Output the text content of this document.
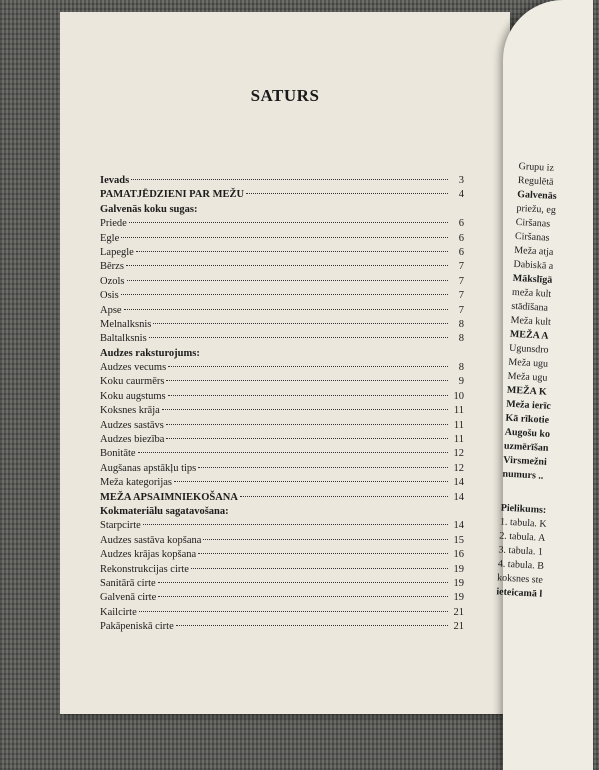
SATURS
Ievads	3
PAMATJĒDZIENI PAR MEŽU	4
Galvenās koku sugas:
Priede	6
Egle	6
Lapegle	6
Bērzs	7
Ozols	7
Osis	7
Apse	7
Melnalksnis	8
Baltalksnis	8
Audzes raksturojums:
Audzes vecums	8
Koku caurmērs	9
Koku augstums	10
Koksnes krāja	11
Audzes sastāvs	11
Audzes biezība	11
Bonitāte	12
Augšanas apstākļu tips	12
Meža kategorijas	14
MEŽA APSAIMNIEKOŠANA	14
Kokmateriālu sagatavošana:
Starpcirte	14
Audzes sastāva kopšana	15
Audzes krājas kopšana	16
Rekonstrukcijas cirte	19
Sanitārā cirte	19
Galvenā cirte	19
Kailcirte	21
Pakāpeniskā cirte	21
Grupu iz
Regulētā
Galvenās
priežu, eg
Ciršanas
Ciršanas
Meža atja
Dabiskā a
Mākslīgā
meža kult
stādīšana
Meža kult
MEŽA A
Ugunsdro
Meža ugu
Meža ugu
MEŽA K
Meža ierīc
Kā rīkotie
Augošu ko
uzmērīšan
Virsmežni
numurs ..
Pielikums:
1. tabula. K
2. tabula. A
3. tabula. 1
4. tabula. B
koksnes ste
ieteicamā l
